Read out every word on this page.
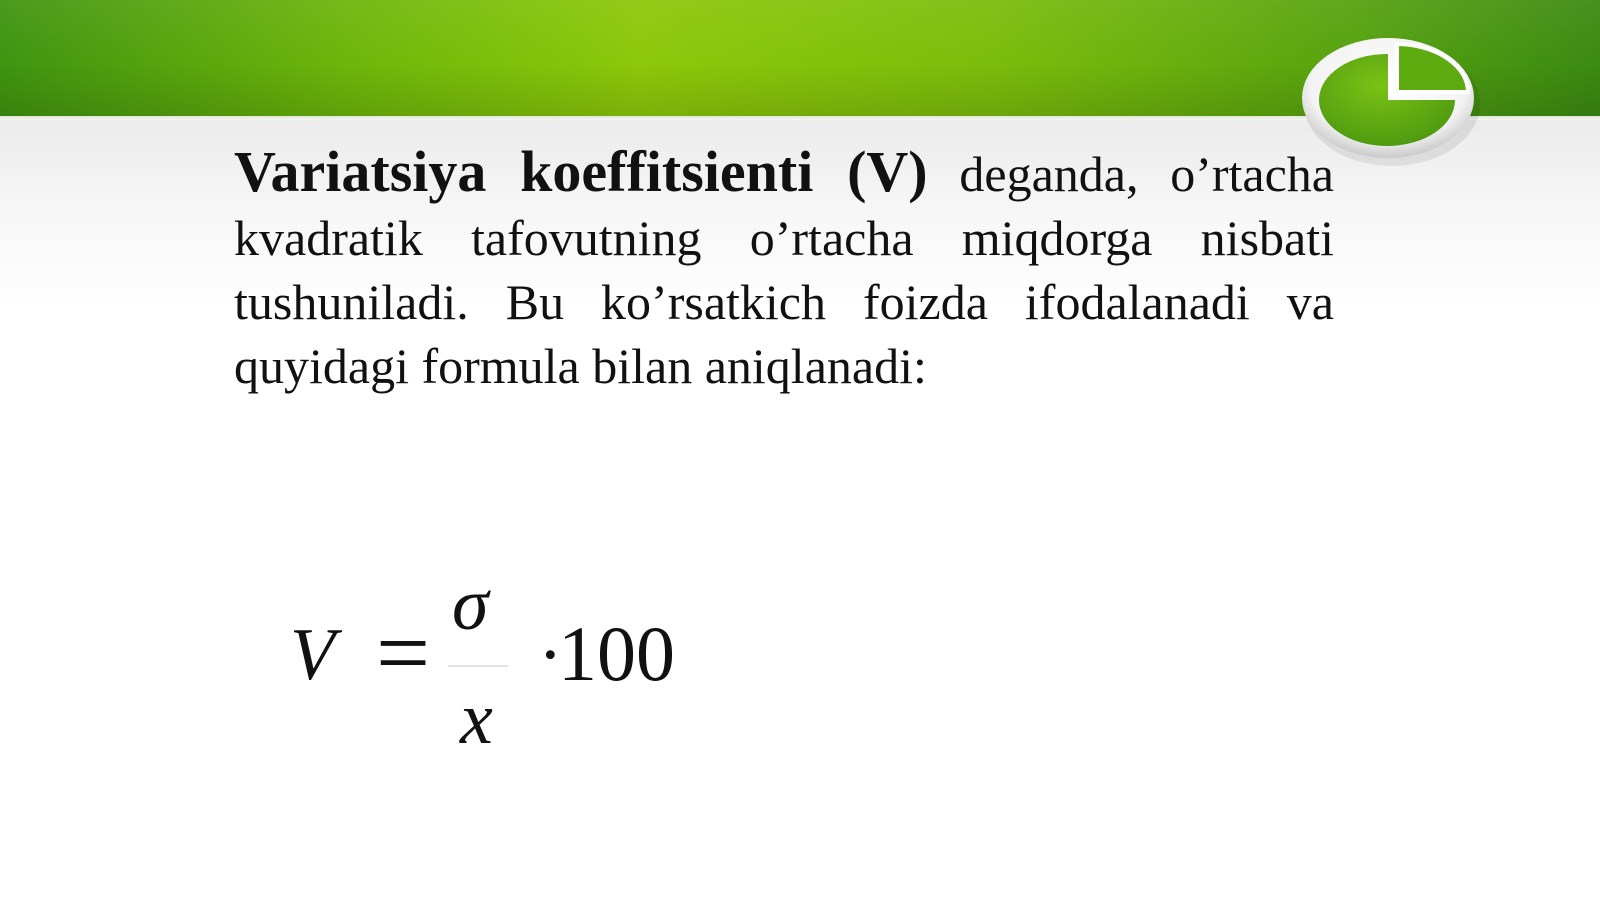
Variatsiya koeffitsienti (V) deganda, o’rtacha kvadratik tafovutning o’rtacha miqdorga nisbati tushuniladi. Bu ko’rsatkich foizda ifodalanadi va quyidagi formula bilan aniqlanadi:

V = σ
x
·
100
